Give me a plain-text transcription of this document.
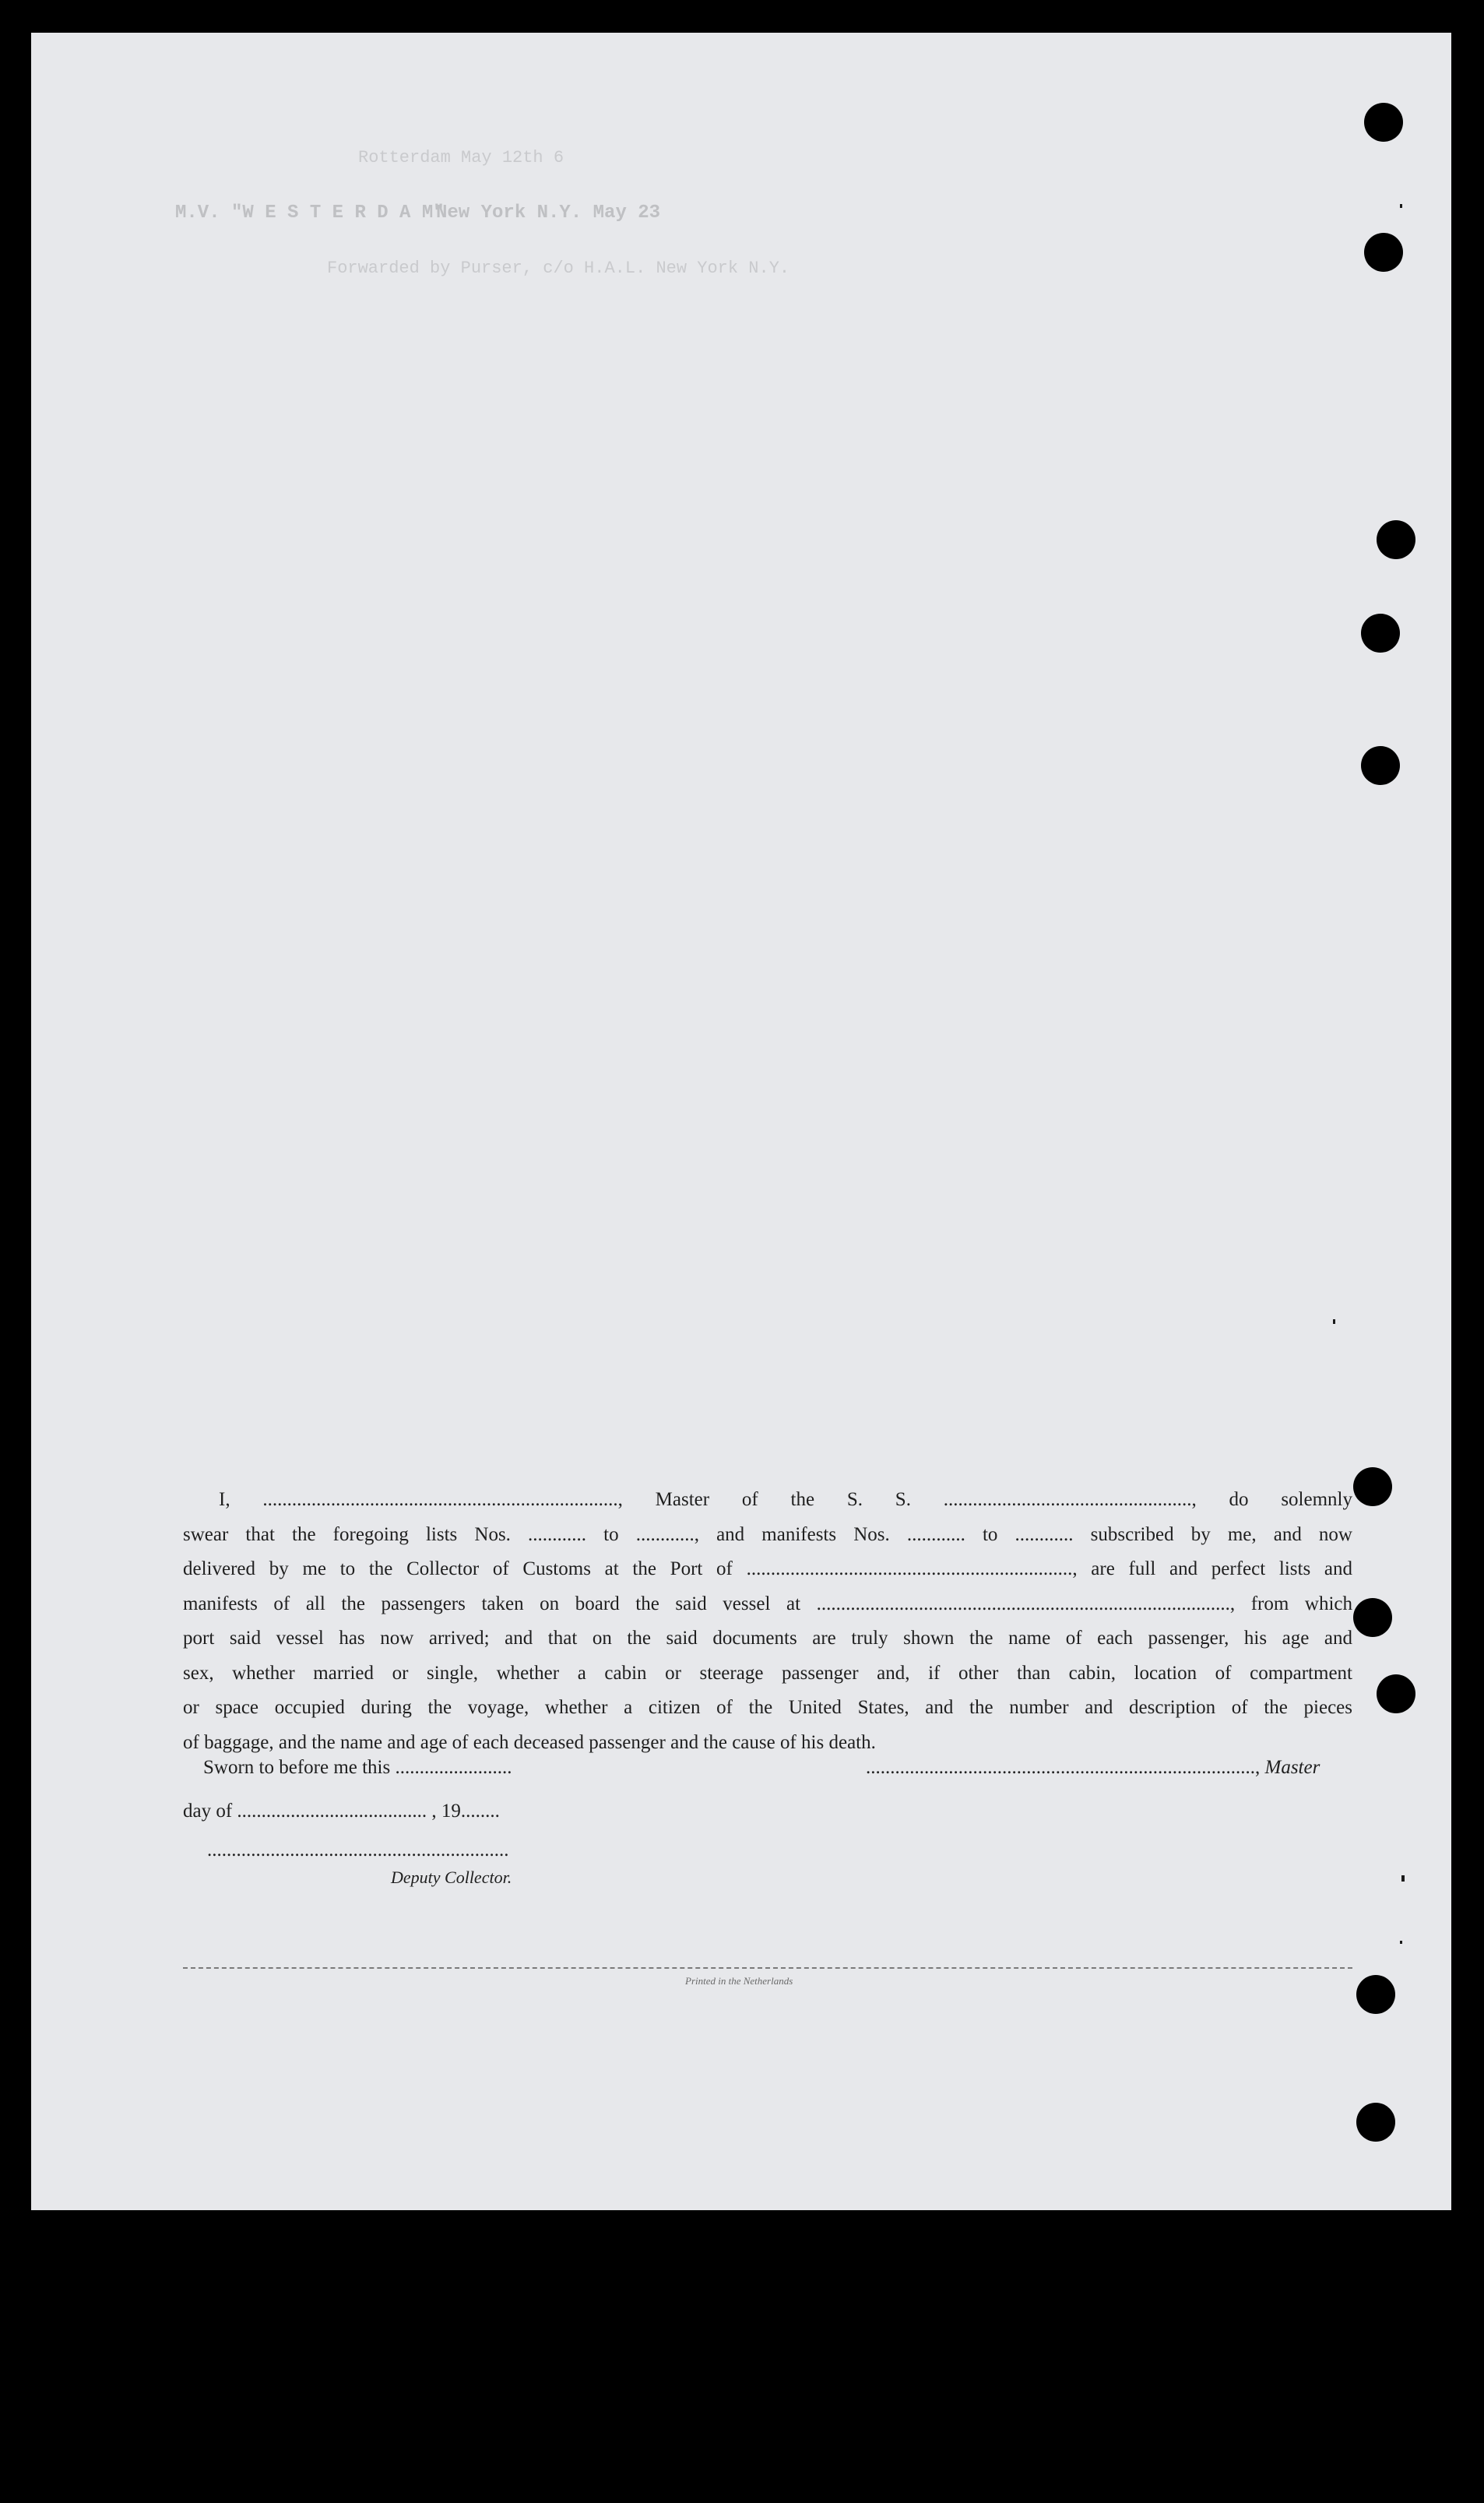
M.V. "W E S T E R D A M"
Rotterdam May 12th 6
New York N.Y. May 23
Forwarded by Purser, c/o H.A.L. New York N.Y.
I, ........................................................................., Master of the S. S. ..................................................., do solemnly
swear that the foregoing lists Nos. ............ to ............, and manifests Nos. ............ to ............ subscribed by me, and now
delivered by me to the Collector of Customs at the Port of ..................................................................., are full and perfect lists and
manifests of all the passengers taken on board the said vessel at ....................................................................................., from which
port said vessel has now arrived; and that on the said documents are truly shown the name of each passenger, his age and
sex, whether married or single, whether a cabin or steerage passenger and, if other than cabin, location of compartment
or space occupied during the voyage, whether a citizen of the United States, and the number and description of the pieces
of baggage, and the name and age of each deceased passenger and the cause of his death.
Sworn to before me this ........................	................................................................................, Master
day of ....................................... , 19........
..............................................................
Deputy Collector.
Printed in the Netherlands
